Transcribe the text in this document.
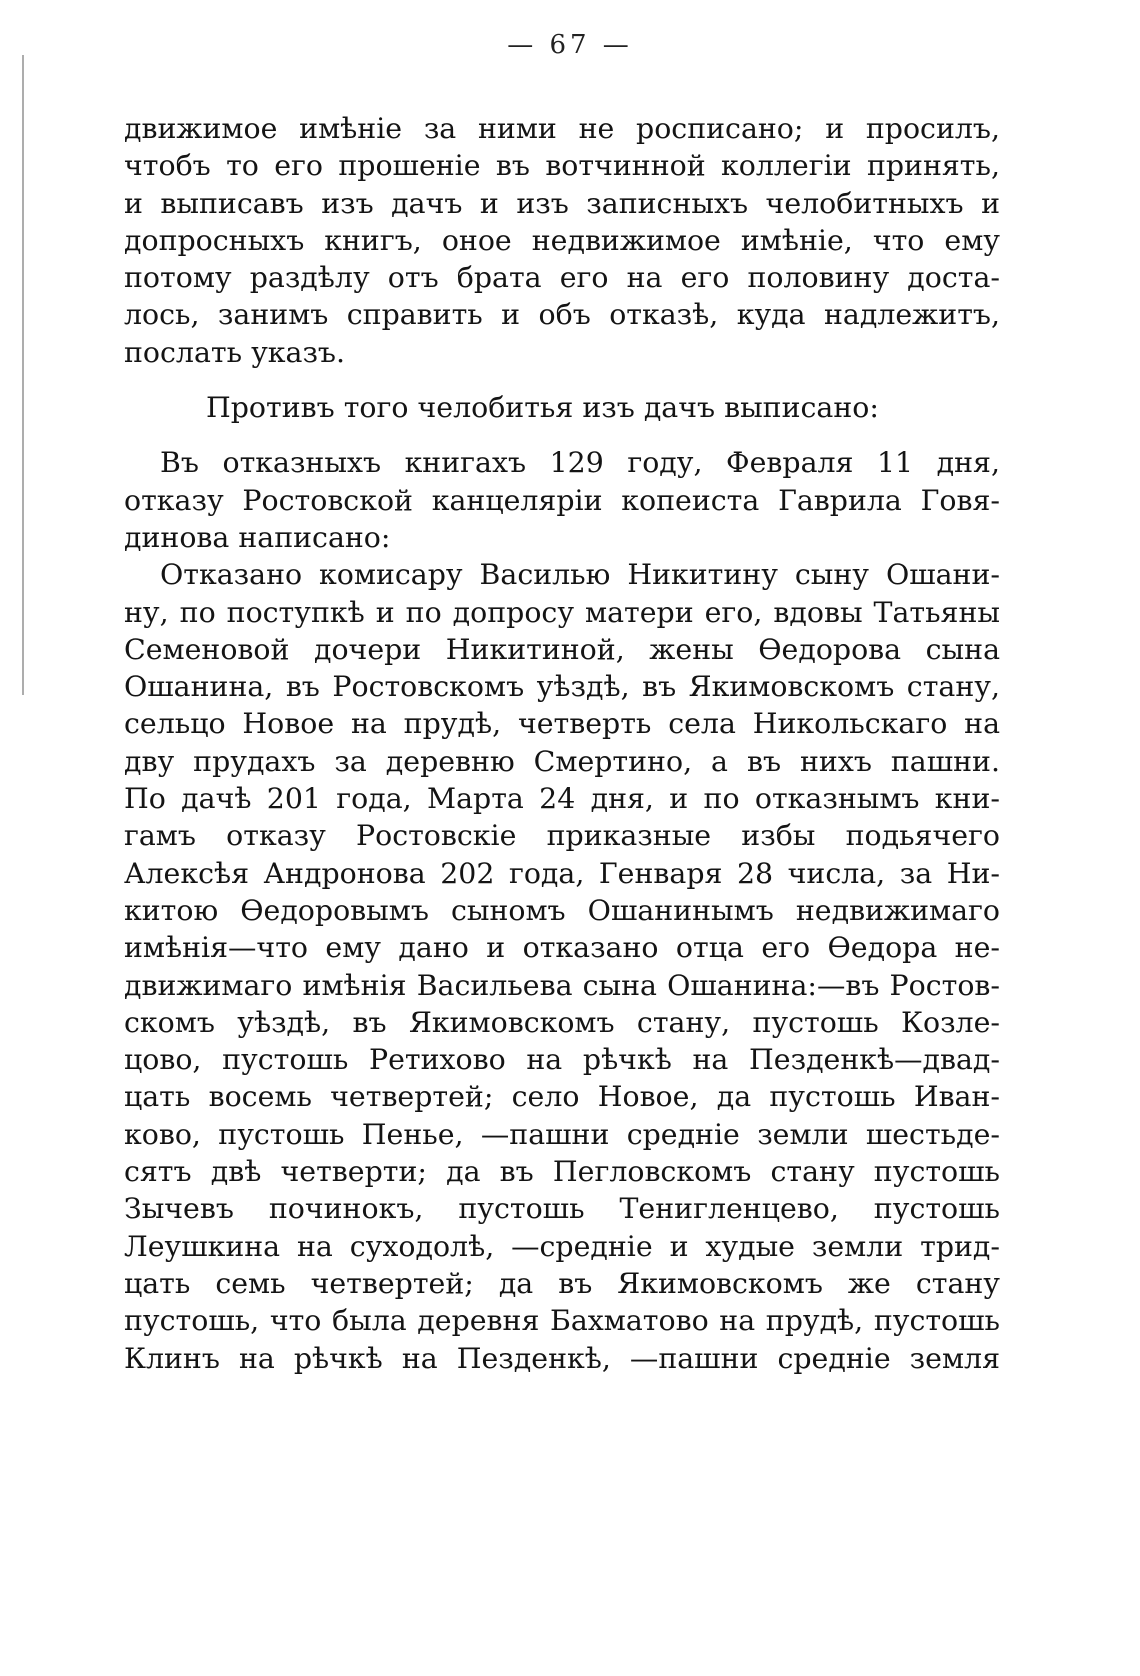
— 67 —
движимое имѣніе за ними не росписано; и просилъ,
чтобъ то его прошеніе въ вотчинной коллегіи принять,
и выписавъ изъ дачъ и изъ записныхъ челобитныхъ и
допросныхъ книгъ, оное недвижимое имѣніе, что ему
потому раздѣлу отъ брата его на его половину доста-
лось, занимъ справить и объ отказѣ, куда надлежитъ,
послать указъ.
Противъ того челобитья изъ дачъ выписано:
Въ отказныхъ книгахъ 129 году, Февраля 11 дня,
отказу Ростовской канцеляріи копеиста Гаврила Говя-
динова написано:
Отказано комисару Василью Никитину сыну Ошани-
ну, по поступкѣ и по допросу матери его, вдовы Татьяны
Семеновой дочери Никитиной, жены Ѳедорова сына
Ошанина, въ Ростовскомъ уѣздѣ, въ Якимовскомъ стану,
сельцо Новое на прудѣ, четверть села Никольскаго на
дву прудахъ за деревню Смертино, а въ нихъ пашни.
По дачѣ 201 года, Марта 24 дня, и по отказнымъ кни-
гамъ отказу Ростовскіе приказные избы подьячего
Алексѣя Андронова 202 года, Генваря 28 числа, за Ни-
китою Ѳедоровымъ сыномъ Ошанинымъ недвижимаго
имѣнія—что ему дано и отказано отца его Ѳедора не-
движимаго имѣнія Васильева сына Ошанина:—въ Ростов-
скомъ уѣздѣ, въ Якимовскомъ стану, пустошь Козле-
цово, пустошь Ретихово на рѣчкѣ на Пезденкѣ—двад-
цать восемь четвертей; село Новое, да пустошь Иван-
ково, пустошь Пенье, —пашни средніе земли шестьде-
сятъ двѣ четверти; да въ Пегловскомъ стану пустошь
Зычевъ починокъ, пустошь Тенигленцево, пустошь
Леушкина на суходолѣ, —средніе и худые земли трид-
цать семь четвертей; да въ Якимовскомъ же стану
пустошь, что была деревня Бахматово на прудѣ, пустошь
Клинъ на рѣчкѣ на Пезденкѣ, —пашни средніе земля
